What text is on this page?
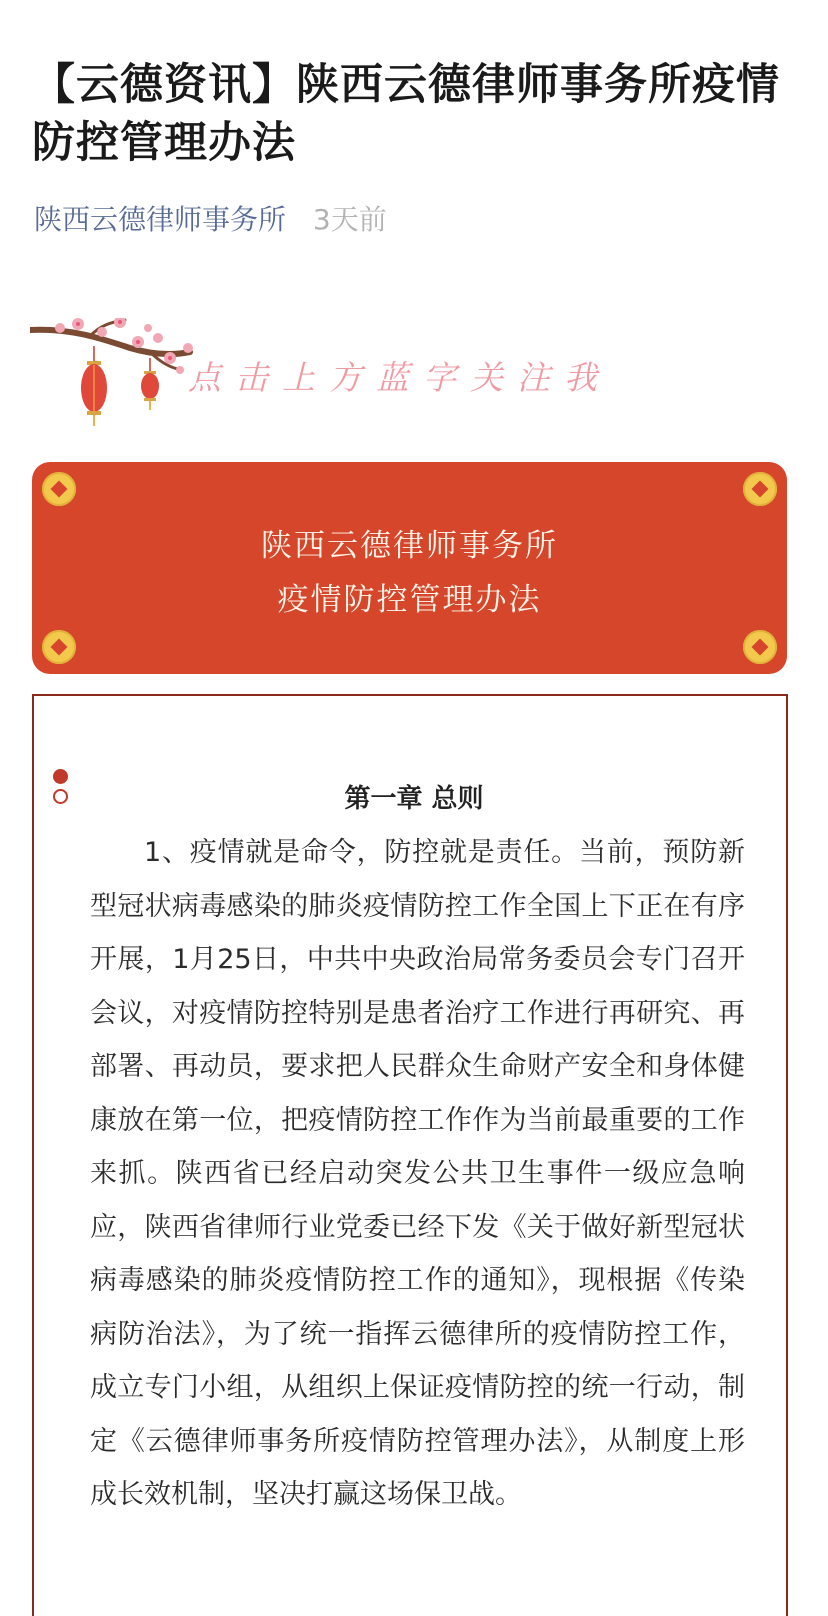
【云德资讯】陕西云德律师事务所疫情防控管理办法
陕西云德律师事务所 3天前
点击上方蓝字关注我
陕西云德律师事务所
疫情防控管理办法
第一章 总则

1、疫情就是命令，防控就是责任。当前，预防新型冠状病毒感染的肺炎疫情防控工作全国上下正在有序开展，1月25日，中共中央政治局常务委员会专门召开会议，对疫情防控特别是患者治疗工作进行再研究、再部署、再动员，要求把人民群众生命财产安全和身体健康放在第一位，把疫情防控工作作为当前最重要的工作来抓。陕西省已经启动突发公共卫生事件一级应急响应，陕西省律师行业党委已经下发《关于做好新型冠状病毒感染的肺炎疫情防控工作的通知》，现根据《传染病防治法》，为了统一指挥云德律所的疫情防控工作，成立专门小组，从组织上保证疫情防控的统一行动，制定《云德律师事务所疫情防控管理办法》，从制度上形成长效机制，坚决打赢这场保卫战。
